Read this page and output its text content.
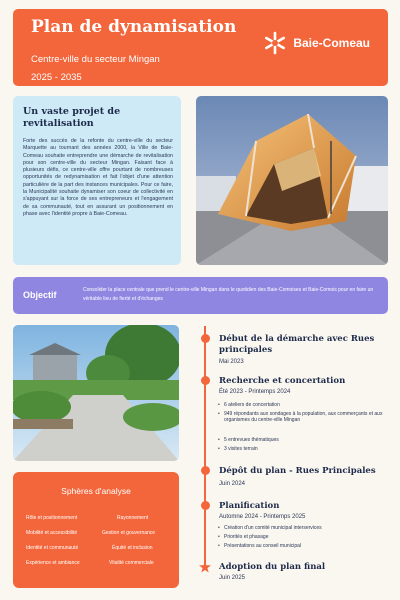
Plan de dynamisation
Centre-ville du secteur Mingan
2025 - 2035
Baie-Comeau
Un vaste projet de revitalisation
Forte des succès de la refonte du centre-ville du secteur Marquette au tournant des années 2000, la Ville de Baie-Comeau souhaite entreprendre une démarche de revitalisation pour son centre-ville du secteur Mingan. Faisant face à plusieurs défis, ce centre-ville offre pourtant de nombreuses opportunités de redynamisation et fait l'objet d'une attention particulière de la part des instances municipales. Pour ce faire, la Municipalité souhaite dynamiser son coeur de collectivité en s'appuyant sur la force de ses entrepreneurs et l'engagement de sa communauté, tout en assurant un positionnement en phase avec l'identité propre à Baie-Comeau.
Objectif	Consolider la place centrale que prend le centre-ville Mingan dans le quotidien des Baie-Comoises et Baie-Comois pour en faire un véritable lieu de fierté et d'échanges
Sphères d'analyse
Rôle et positionnement	Rayonnement
Mobilité et accessibilité	Gestion et gouvernance
Identité et communauté	Équité et inclusion
Expérience et ambiance	Vitalité commerciale
Début de la démarche avec Rues principales
Mai 2023
Recherche et concertation
Été 2023 - Printemps 2024
• 6 ateliers de concertation
• 949 répondants aux sondages à la population, aux commerçants et aux organismes du centre-ville Mingan
• 5 entrevues thématiques
• 3 visites terrain
Dépôt du plan - Rues Principales
Juin 2024
Planification
Automne 2024 - Printemps 2025
• Création d'un comité municipal interservices
• Priorités et phasage
• Présentations au conseil municipal
Adoption du plan final
Juin 2025
